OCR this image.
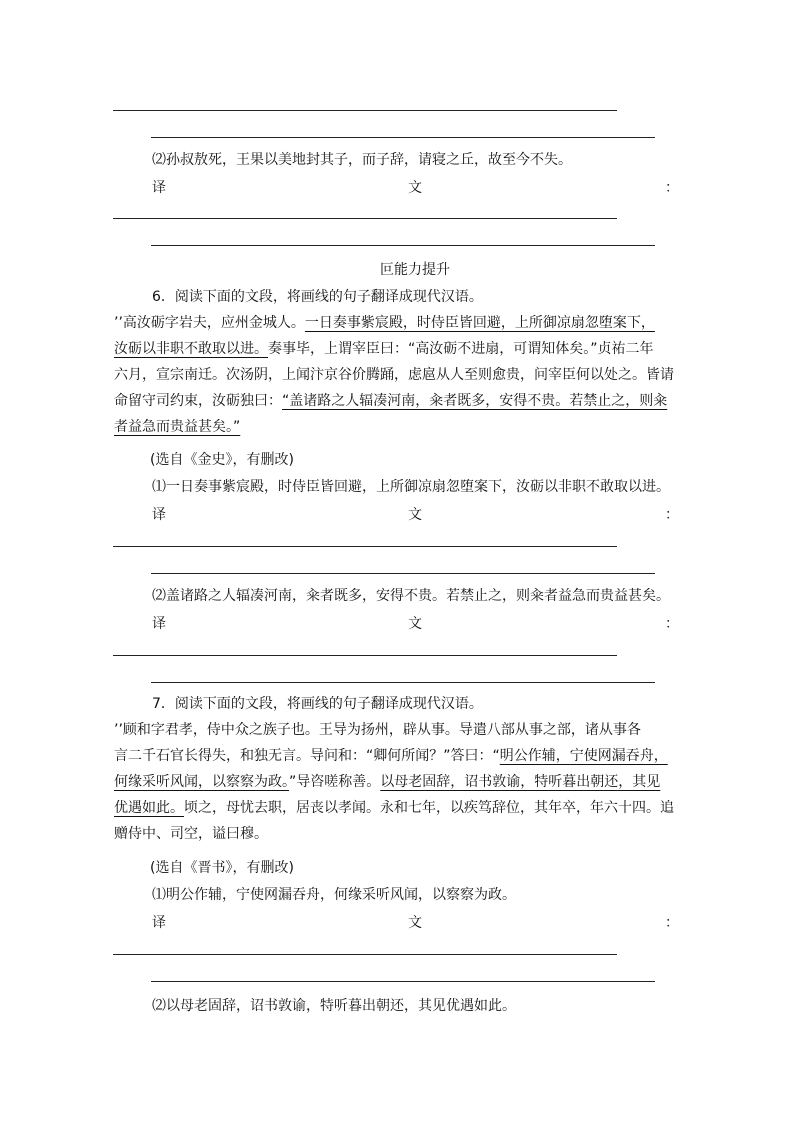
⑵孙叔敖死，王果以美地封其子，而子辞，请寝之丘，故至今不失。
译	文	：
叵能力提升
6．阅读下面的文段，将画线的句子翻译成现代汉语。
’’高汝砺字岩夫，应州金城人。一日奏事紫宸殿，时侍臣皆回避，上所御凉扇忽堕案下，
汝砺以非职不敢取以进。奏事毕，上谓宰臣曰：“高汝砺不进扇，可谓知体矣。”贞祐二年
六月，宣宗南迁。次汤阴，上闻汴京谷价腾踊，虑扈从人至则愈贵，问宰臣何以处之。皆请
命留守司约束，汝砺独曰：“盖诸路之人辐凑河南，籴者既多，安得不贵。若禁止之，则籴
者益急而贵益甚矣。”
(选自《金史》，有删改)
⑴一日奏事紫宸殿，时侍臣皆回避，上所御凉扇忽堕案下，汝砺以非职不敢取以进。
译	文	：
⑵盖诸路之人辐凑河南，籴者既多，安得不贵。若禁止之，则籴者益急而贵益甚矣。
译	文	：
7．阅读下面的文段，将画线的句子翻译成现代汉语。
’’顾和字君孝，侍中众之族子也。王导为扬州，辟从事。导遣八部从事之部，诸从事各
言二千石官长得失，和独无言。导问和：“卿何所闻？”答曰：“明公作辅，宁使网漏吞舟，
何缘采听风闻，以察察为政。”导咨嗟称善。以母老固辞，诏书敦谕，特听暮出朝还，其见
优遇如此。顷之，母忧去职，居丧以孝闻。永和七年，以疾笃辞位，其年卒，年六十四。追
赠侍中、司空，谥曰穆。
(选自《晋书》，有删改)
⑴明公作辅，宁使网漏吞舟，何缘采听风闻，以察察为政。
译	文	：
⑵以母老固辞，诏书敦谕，特听暮出朝还，其见优遇如此。
